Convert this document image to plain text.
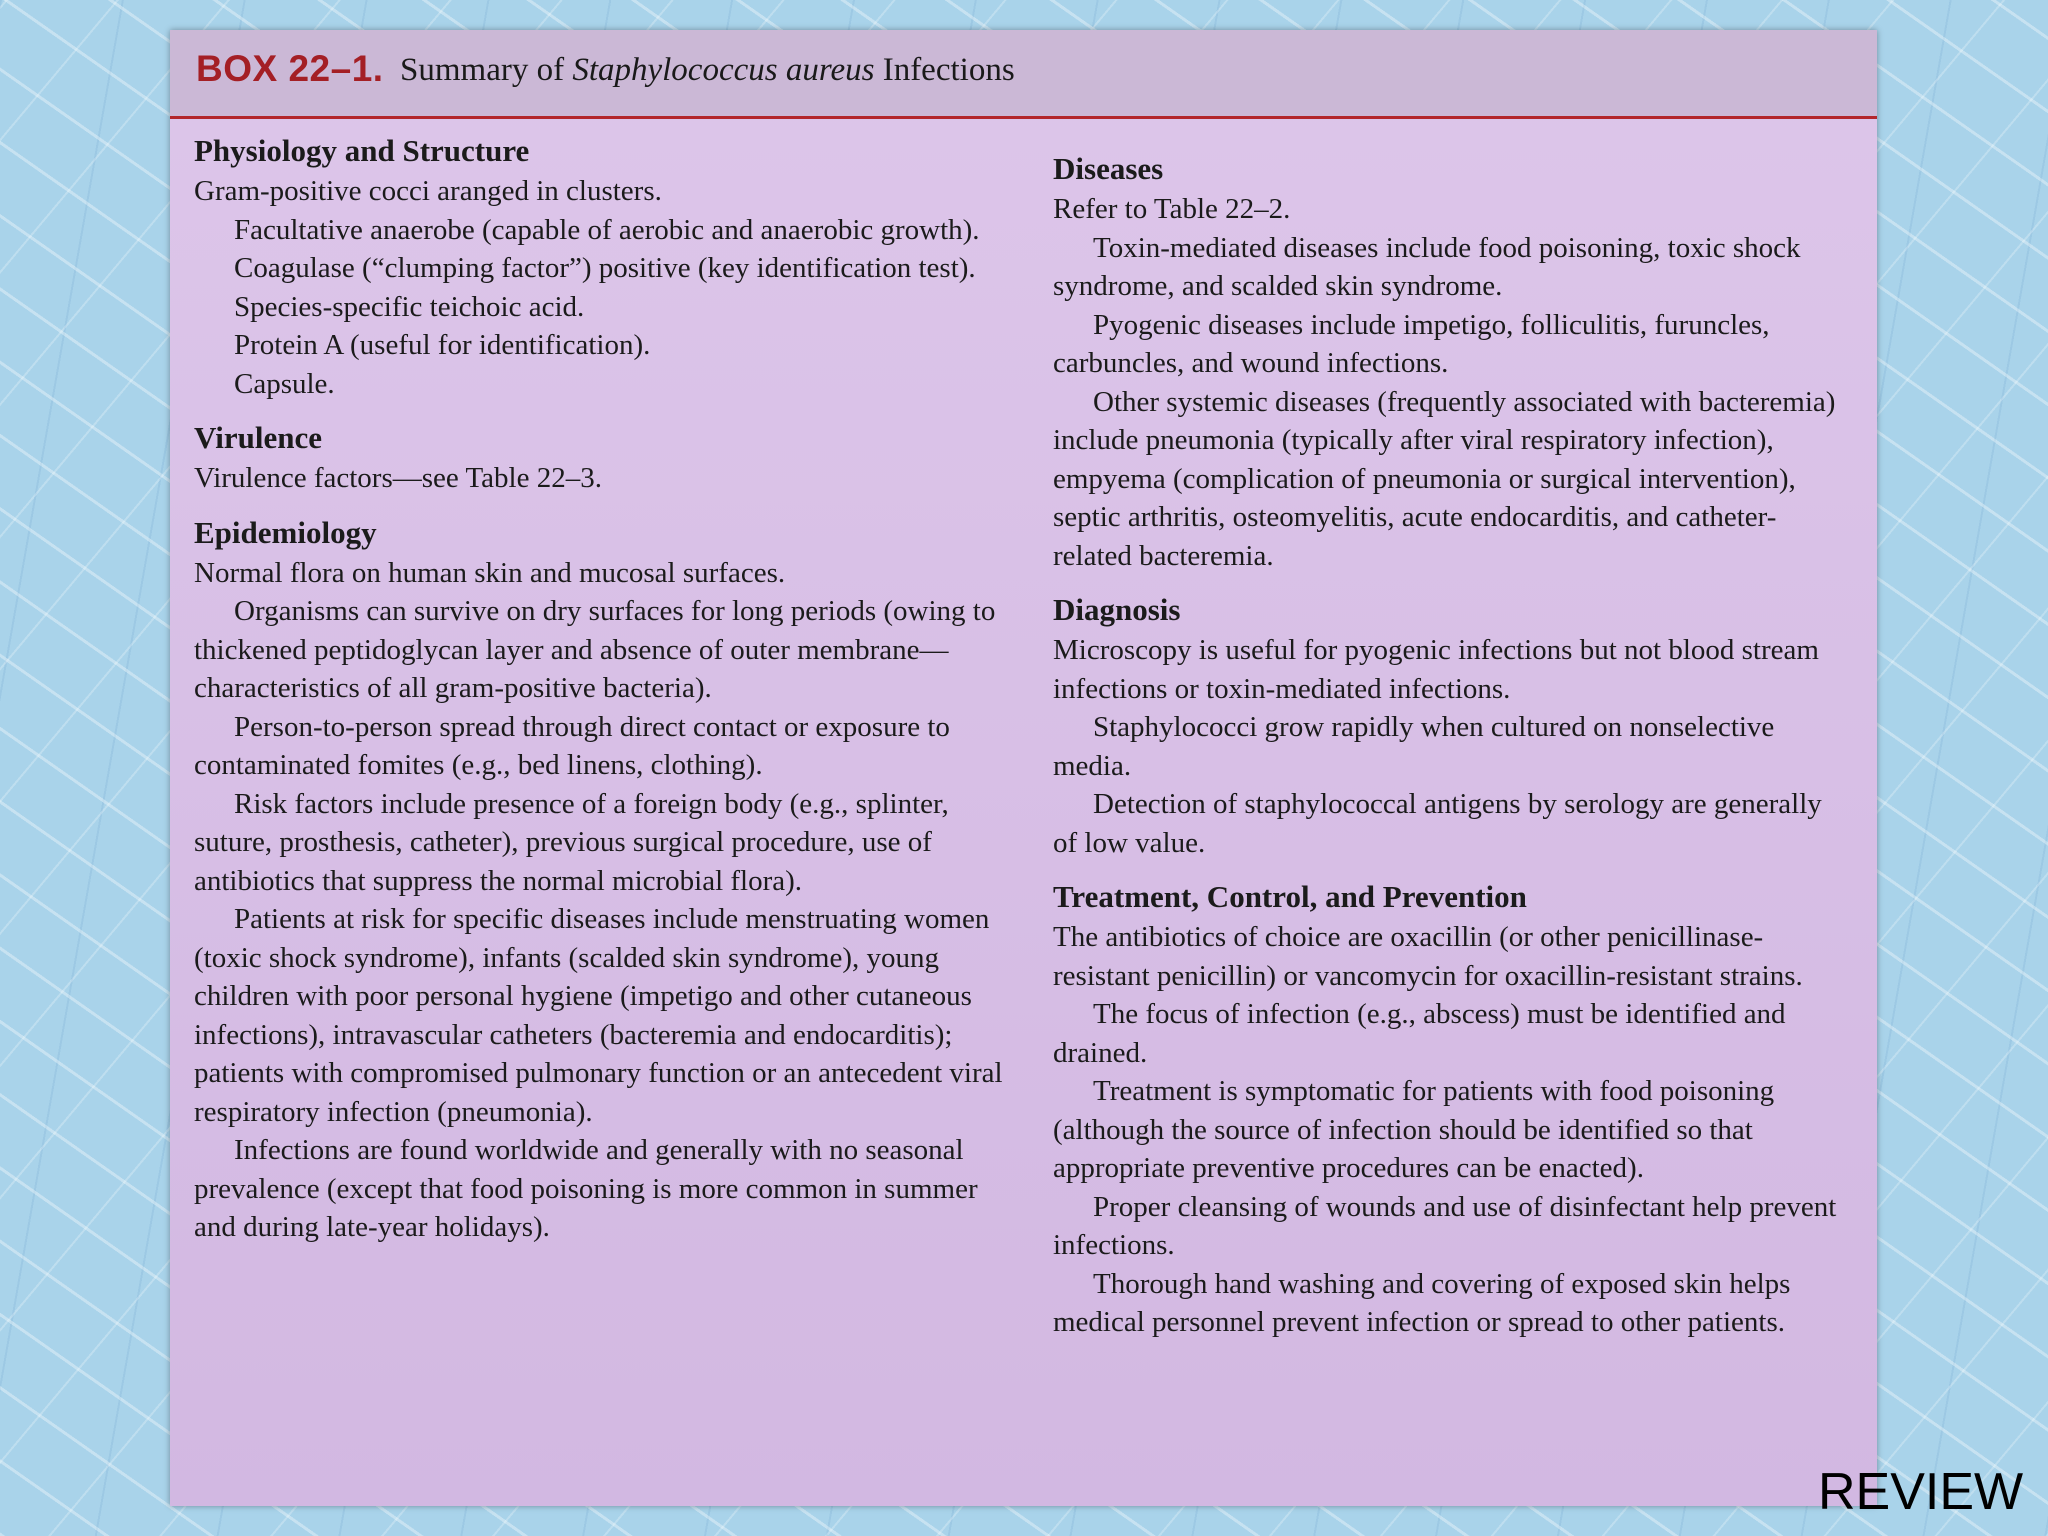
BOX 22–1. Summary of Staphylococcus aureus Infections
Physiology and Structure

Gram-positive cocci aranged in clusters.

Facultative anaerobe (capable of aerobic and anaerobic growth).

Coagulase (“clumping factor”) positive (key identification test).

Species-specific teichoic acid.

Protein A (useful for identification).

Capsule.

Virulence

Virulence factors—see Table 22–3.

Epidemiology

Normal flora on human skin and mucosal surfaces.

Organisms can survive on dry surfaces for long periods (owing to thickened peptidoglycan layer and absence of outer membrane—characteristics of all gram-positive bacteria).

Person-to-person spread through direct contact or exposure to contaminated fomites (e.g., bed linens, clothing).

Risk factors include presence of a foreign body (e.g., splinter, suture, prosthesis, catheter), previous surgical procedure, use of antibiotics that suppress the normal microbial flora).

Patients at risk for specific diseases include menstruating women (toxic shock syndrome), infants (scalded skin syndrome), young children with poor personal hygiene (impetigo and other cutaneous infections), intravascular catheters (bacteremia and endocarditis); patients with compromised pulmonary function or an antecedent viral respiratory infection (pneumonia).

Infections are found worldwide and generally with no seasonal prevalence (except that food poisoning is more common in summer and during late-year holidays).

Diseases

Refer to Table 22–2.

Toxin-mediated diseases include food poisoning, toxic shock syndrome, and scalded skin syndrome.

Pyogenic diseases include impetigo, folliculitis, furuncles, carbuncles, and wound infections.

Other systemic diseases (frequently associated with bacteremia) include pneumonia (typically after viral respiratory infection), empyema (complication of pneumonia or surgical intervention), septic arthritis, osteomyelitis, acute endocarditis, and catheter-related bacteremia.

Diagnosis

Microscopy is useful for pyogenic infections but not blood stream infections or toxin-mediated infections.

Staphylococci grow rapidly when cultured on nonselective media.

Detection of staphylococcal antigens by serology are generally of low value.

Treatment, Control, and Prevention

The antibiotics of choice are oxacillin (or other penicillinase-resistant penicillin) or vancomycin for oxacillin-resistant strains.

The focus of infection (e.g., abscess) must be identified and drained.

Treatment is symptomatic for patients with food poisoning (although the source of infection should be identified so that appropriate preventive procedures can be enacted).

Proper cleansing of wounds and use of disinfectant help prevent infections.

Thorough hand washing and covering of exposed skin helps medical personnel prevent infection or spread to other patients.

REVIEW
